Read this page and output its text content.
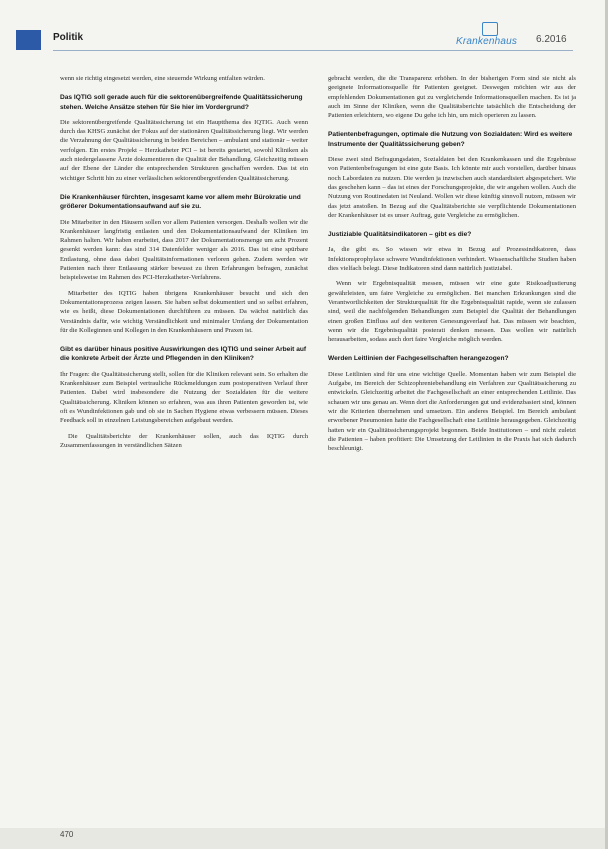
Politik	Krankenhaus 6.2016

wenn sie richtig eingesetzt werden, eine steuernde Wirkung entfalten würden.

Das IQTIG soll gerade auch für die sektorenübergreifende Qualitätssicherung stehen. Welche Ansätze stehen für Sie hier im Vordergrund?

Die sektorenübergreifende Qualitätssicherung ist ein Hauptthema des IQTIG. Auch wenn durch das KHSG zunächst der Fokus auf der stationären Qualitätssicherung liegt. Wir werden die Verzahnung der Qualitätssicherung in beiden Bereichen – ambulant und stationär – weiter verfolgen. Ein erstes Projekt – Herzkatheter PCI – ist bereits gestartet, sowohl Kliniken als auch niedergelassene Ärzte dokumentieren die Qualität der Behandlung. Gleichzeitig müssen auf der Ebene der Länder die entsprechenden Strukturen geschaffen werden. Das ist ein wichtiger Schritt hin zu einer verlässlichen sektorenübergreifenden Qualitätssicherung.

Die Krankenhäuser fürchten, insgesamt kame vor allem mehr Bürokratie und größerer Dokumentationsaufwand auf sie zu.

Die Mitarbeiter in den Häusern sollen vor allem Patienten versorgen. Deshalb wollen wir die Krankenhäuser langfristig entlasten und den Dokumentationsaufwand der Kliniken im Rahmen halten. Wir haben erarbeitet, dass 2017 der Dokumentationsmenge um acht Prozent gesenkt werden kann: das sind 314 Datenfelder weniger als 2016. Das ist eine spürbare Entlastung, ohne dass dabei Qualitätsinformationen verloren gehen. Zudem werden wir Patienten nach ihrer Entlassung stärker bewusst zu ihren Erfahrungen befragen, zunächst beispielsweise im Rahmen des PCI-Herzkatheter-Verfahrens.

Mitarbeiter des IQTIG haben übrigens Krankenhäuser besucht und sich den Dokumentationsprozess zeigen lassen. Sie haben selbst dokumentiert und so selbst erfahren, wie es heißt, diese Dokumentationen durchführen zu müssen. Da wächst natürlich das Verständnis dafür, wie wichtig Verständlichkeit und minimaler Umfang der Dokumentation für die Kolleginnen und Kollegen in den Krankenhäusern und Praxen ist.

Gibt es darüber hinaus positive Auswirkungen des IQTIG und seiner Arbeit auf die konkrete Arbeit der Ärzte und Pflegenden in den Kliniken?

Ihr Fragen: die Qualitätssicherung stellt, sollen für die Kliniken relevant sein. So erhalten die Krankenhäuser zum Beispiel vertrauliche Rückmeldungen zum postoperativen Verlauf ihrer Patienten. Dabei wird insbesondere die Nutzung der Sozialdaten für die weitere Qualitätssicherung. Kliniken können so erfahren, was aus ihren Patienten geworden ist, wie oft es Wundinfektionen gab und ob sie in Sachen Hygiene etwas verbessern müssen. Dieses Feedback soll in einzelnen Leistungsbereichen aufgebaut werden.

Die Qualitätsberichte der Krankenhäuser sollen, auch das IQTIG durch Zusammenfassungen in verständlichen Sätzen

gebracht werden, die die Transparenz erhöhen. In der bisherigen Form sind sie nicht als geeignete Informationsquelle für Patienten geeignet. Deswegen möchten wir aus der empfehlenden Dokumentationen gut zu vergleichende Informationsquellen machen. Es ist ja auch im Sinne der Kliniken, wenn die Qualitätsberichte tatsächlich die Entscheidung der Patienten erleichtern, wo eigene Du gehe ich hin, um mich operieren zu lassen.

Patientenbefragungen, optimale die Nutzung von Sozialdaten: Wird es weitere Instrumente der Qualitätssicherung geben?

Diese zwei sind Befragungsdaten, Sozialdaten bei den Krankenkassen und die Ergebnisse von Patientenbefragungen ist eine gute Basis. Ich könnte mir auch vorstellen, darüber hinaus noch Labordaten zu nutzen. Die werden ja inzwischen auch standardisiert abgespeichert. Wie das geschehen kann – das ist eines der Forschungsprojekte, die wir angehen wollen. Auch die Nutzung von Routinedaten ist Neuland. Wollen wir diese künftig sinnvoll nutzen, müssen wir das jetzt anstoßen. In Bezug auf die Qualitätsberichte sie verpflichtende Dokumentationen der Krankenhäuser ist es unser Auftrag, gute Vergleiche zu ermöglichen.

Justiziable Qualitätsindikatoren – gibt es die?

Ja, die gibt es. So wissen wir etwa in Bezug auf Prozessindikatoren, dass Infektionsprophylaxe schwere Wundinfektionen verhindert. Wissenschaftliche Studien haben dies vielfach belegt. Diese Indikatoren sind dann natürlich justiziabel.

Wenn wir Ergebnisqualität messen, müssen wir eine gute Risikoadjustierung gewährleisten, um faire Vergleiche zu ermöglichen. Bei manchen Erkrankungen sind die Verantwortlichkeiten der Strukturqualität für die Ergebnisqualität rapide, wenn sie zulassen sind, weil die nachfolgenden Behandlungen zum Beispiel die Qualität der Behandlungen einen großen Einfluss auf den weiteren Genesungsverlauf hat. Das müssen wir beachten, wenn wir die Ergebnisqualität posterati denken messen. Das wollen wir natürlich herausarbeiten, sodass auch dort faire Vergleiche möglich werden.

Werden Leitlinien der Fachgesellschaften herangezogen?

Diese Leitlinien sind für uns eine wichtige Quelle. Momentan haben wir zum Beispiel die Aufgabe, im Bereich der Schizophreniebehandlung ein Verfahren zur Qualitätssicherung zu entwickeln. Gleichzeitig arbeitet die Fachgesellschaft an einer entsprechenden Leitlinie. Das schauen wir uns genau an. Wenn dort die Anforderungen gut und evidenzbasiert sind, können wir die Kriterien übernehmen und umsetzen. Ein anderes Beispiel. Im Bereich ambulant erworbener Pneumonien hatte die Fachgesellschaft eine Leitlinie herausgegeben. Gleichzeitig hatten wir ein Qualitätssicherungsprojekt begonnen. Beide Institutionen – und nicht zuletzt die Patienten – haben profitiert: Die Umsetzung der Leitlinien in die Praxis hat sich dadurch beschleunigt.

470
